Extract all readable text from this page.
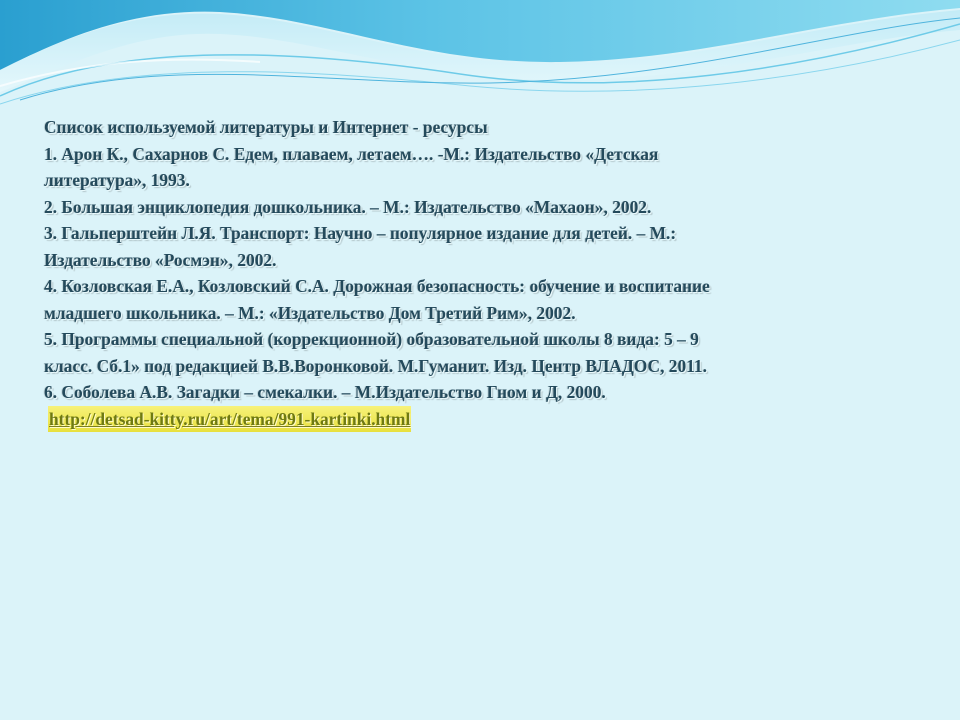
Список используемой литературы и Интернет - ресурсы
1. Арон К., Сахарнов С. Едем, плаваем, летаем…. -М.: Издательство «Детская
литература», 1993.
2. Большая энциклопедия дошкольника. – М.: Издательство «Махаон», 2002.
3. Гальперштейн Л.Я. Транспорт: Научно – популярное издание для детей. – М.:
Издательство «Росмэн», 2002.
4. Козловская Е.А., Козловский С.А. Дорожная безопасность: обучение и воспитание
младшего школьника. – М.: «Издательство Дом Третий Рим», 2002.
5. Программы специальной (коррекционной) образовательной школы 8 вида: 5 – 9
класс. Сб.1» под редакцией В.В.Воронковой. М.Гуманит. Изд. Центр ВЛАДОС, 2011.
6. Соболева А.В. Загадки – смекалки. – М.Издательство Гном и Д, 2000.
http://detsad-kitty.ru/art/tema/991-kartinki.html
